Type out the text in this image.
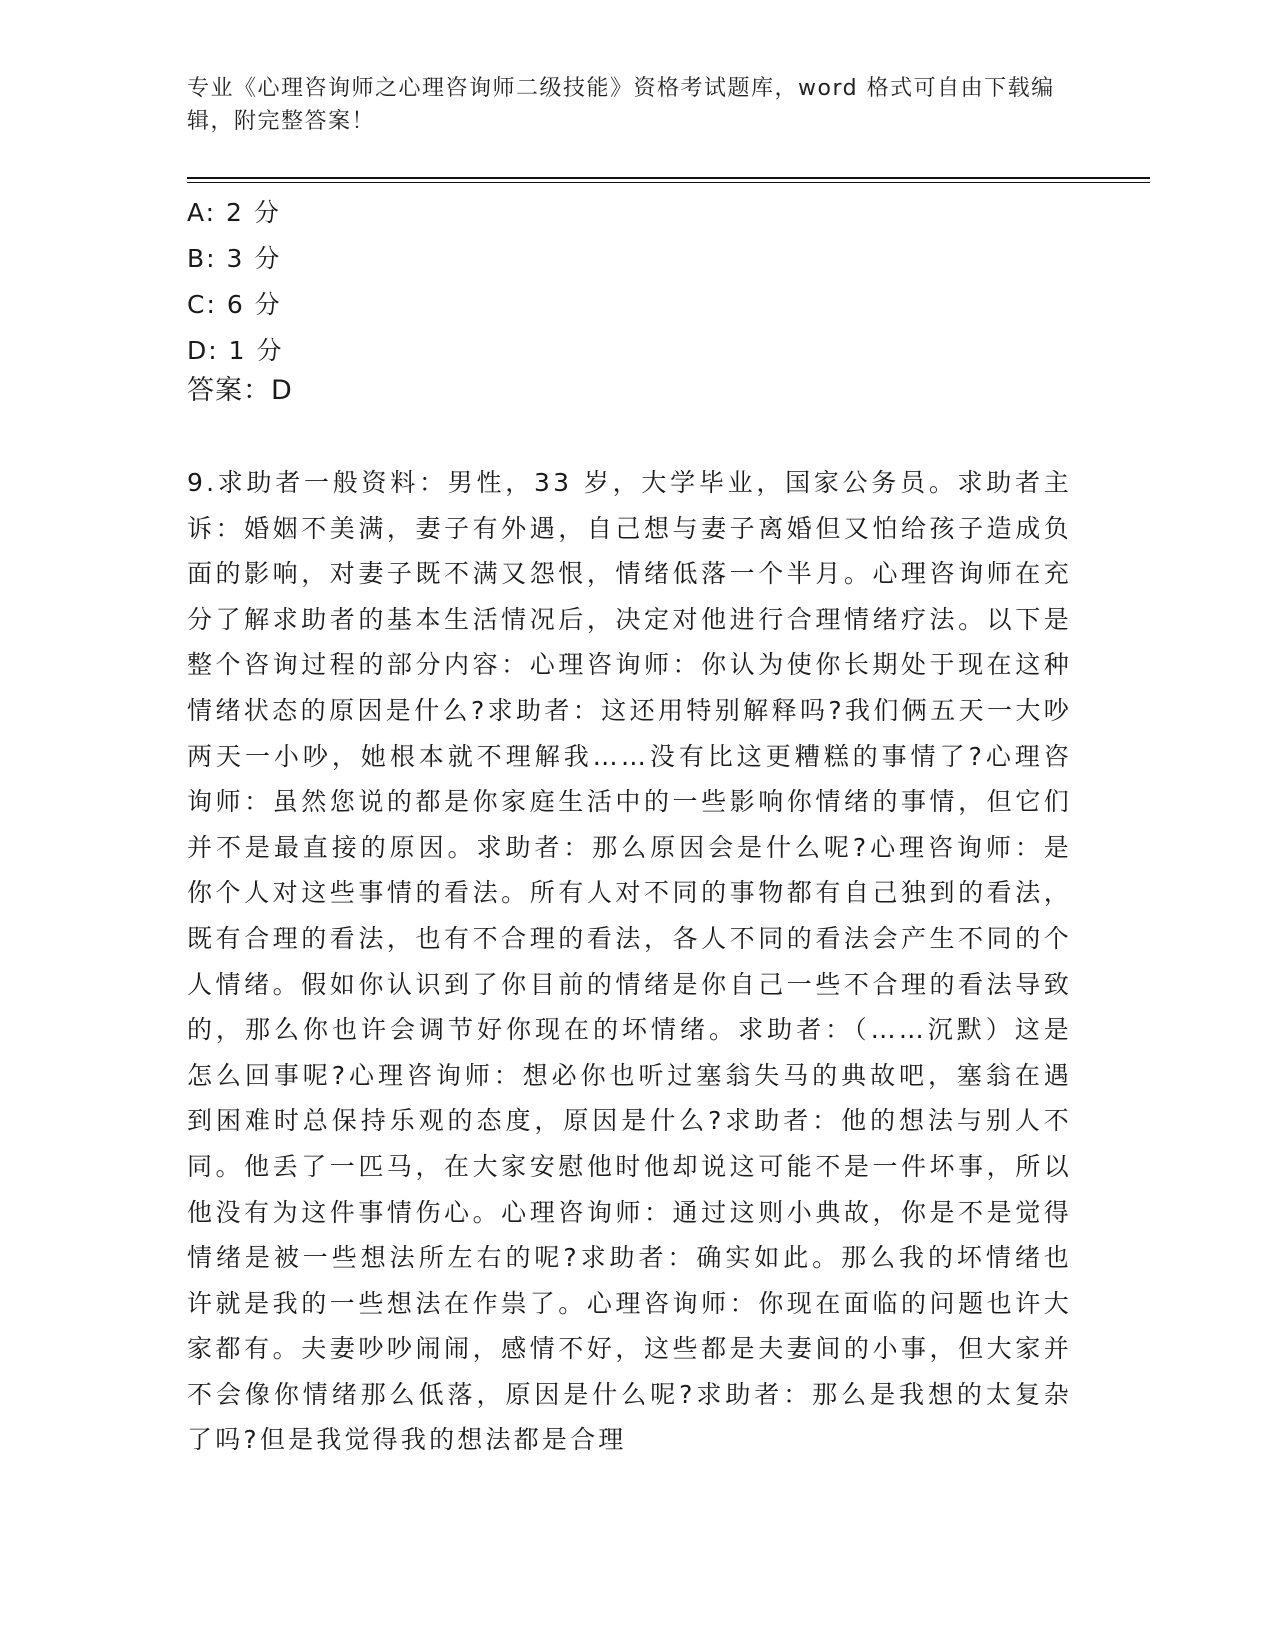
专业《心理咨询师之心理咨询师二级技能》资格考试题库，word 格式可自由下载编辑，附完整答案！
A: 2 分
B: 3 分
C: 6 分
D: 1 分
答案：D

9.求助者一般资料：男性，33 岁，大学毕业，国家公务员。求助者主诉：婚姻不美满，妻子有外遇，自己想与妻子离婚但又怕给孩子造成负面的影响，对妻子既不满又怨恨，情绪低落一个半月。心理咨询师在充分了解求助者的基本生活情况后，决定对他进行合理情绪疗法。以下是整个咨询过程的部分内容：心理咨询师：你认为使你长期处于现在这种情绪状态的原因是什么?求助者：这还用特别解释吗?我们俩五天一大吵两天一小吵，她根本就不理解我……没有比这更糟糕的事情了?心理咨询师：虽然您说的都是你家庭生活中的一些影响你情绪的事情，但它们并不是最直接的原因。求助者：那么原因会是什么呢?心理咨询师：是你个人对这些事情的看法。所有人对不同的事物都有自己独到的看法，既有合理的看法，也有不合理的看法，各人不同的看法会产生不同的个人情绪。假如你认识到了你目前的情绪是你自己一些不合理的看法导致的，那么你也许会调节好你现在的坏情绪。求助者：（……沉默）这是怎么回事呢?心理咨询师：想必你也听过塞翁失马的典故吧，塞翁在遇到困难时总保持乐观的态度，原因是什么?求助者：他的想法与别人不同。他丢了一匹马，在大家安慰他时他却说这可能不是一件坏事，所以他没有为这件事情伤心。心理咨询师：通过这则小典故，你是不是觉得情绪是被一些想法所左右的呢?求助者：确实如此。那么我的坏情绪也许就是我的一些想法在作祟了。心理咨询师：你现在面临的问题也许大家都有。夫妻吵吵闹闹，感情不好，这些都是夫妻间的小事，但大家并不会像你情绪那么低落，原因是什么呢?求助者：那么是我想的太复杂了吗?但是我觉得我的想法都是合理
